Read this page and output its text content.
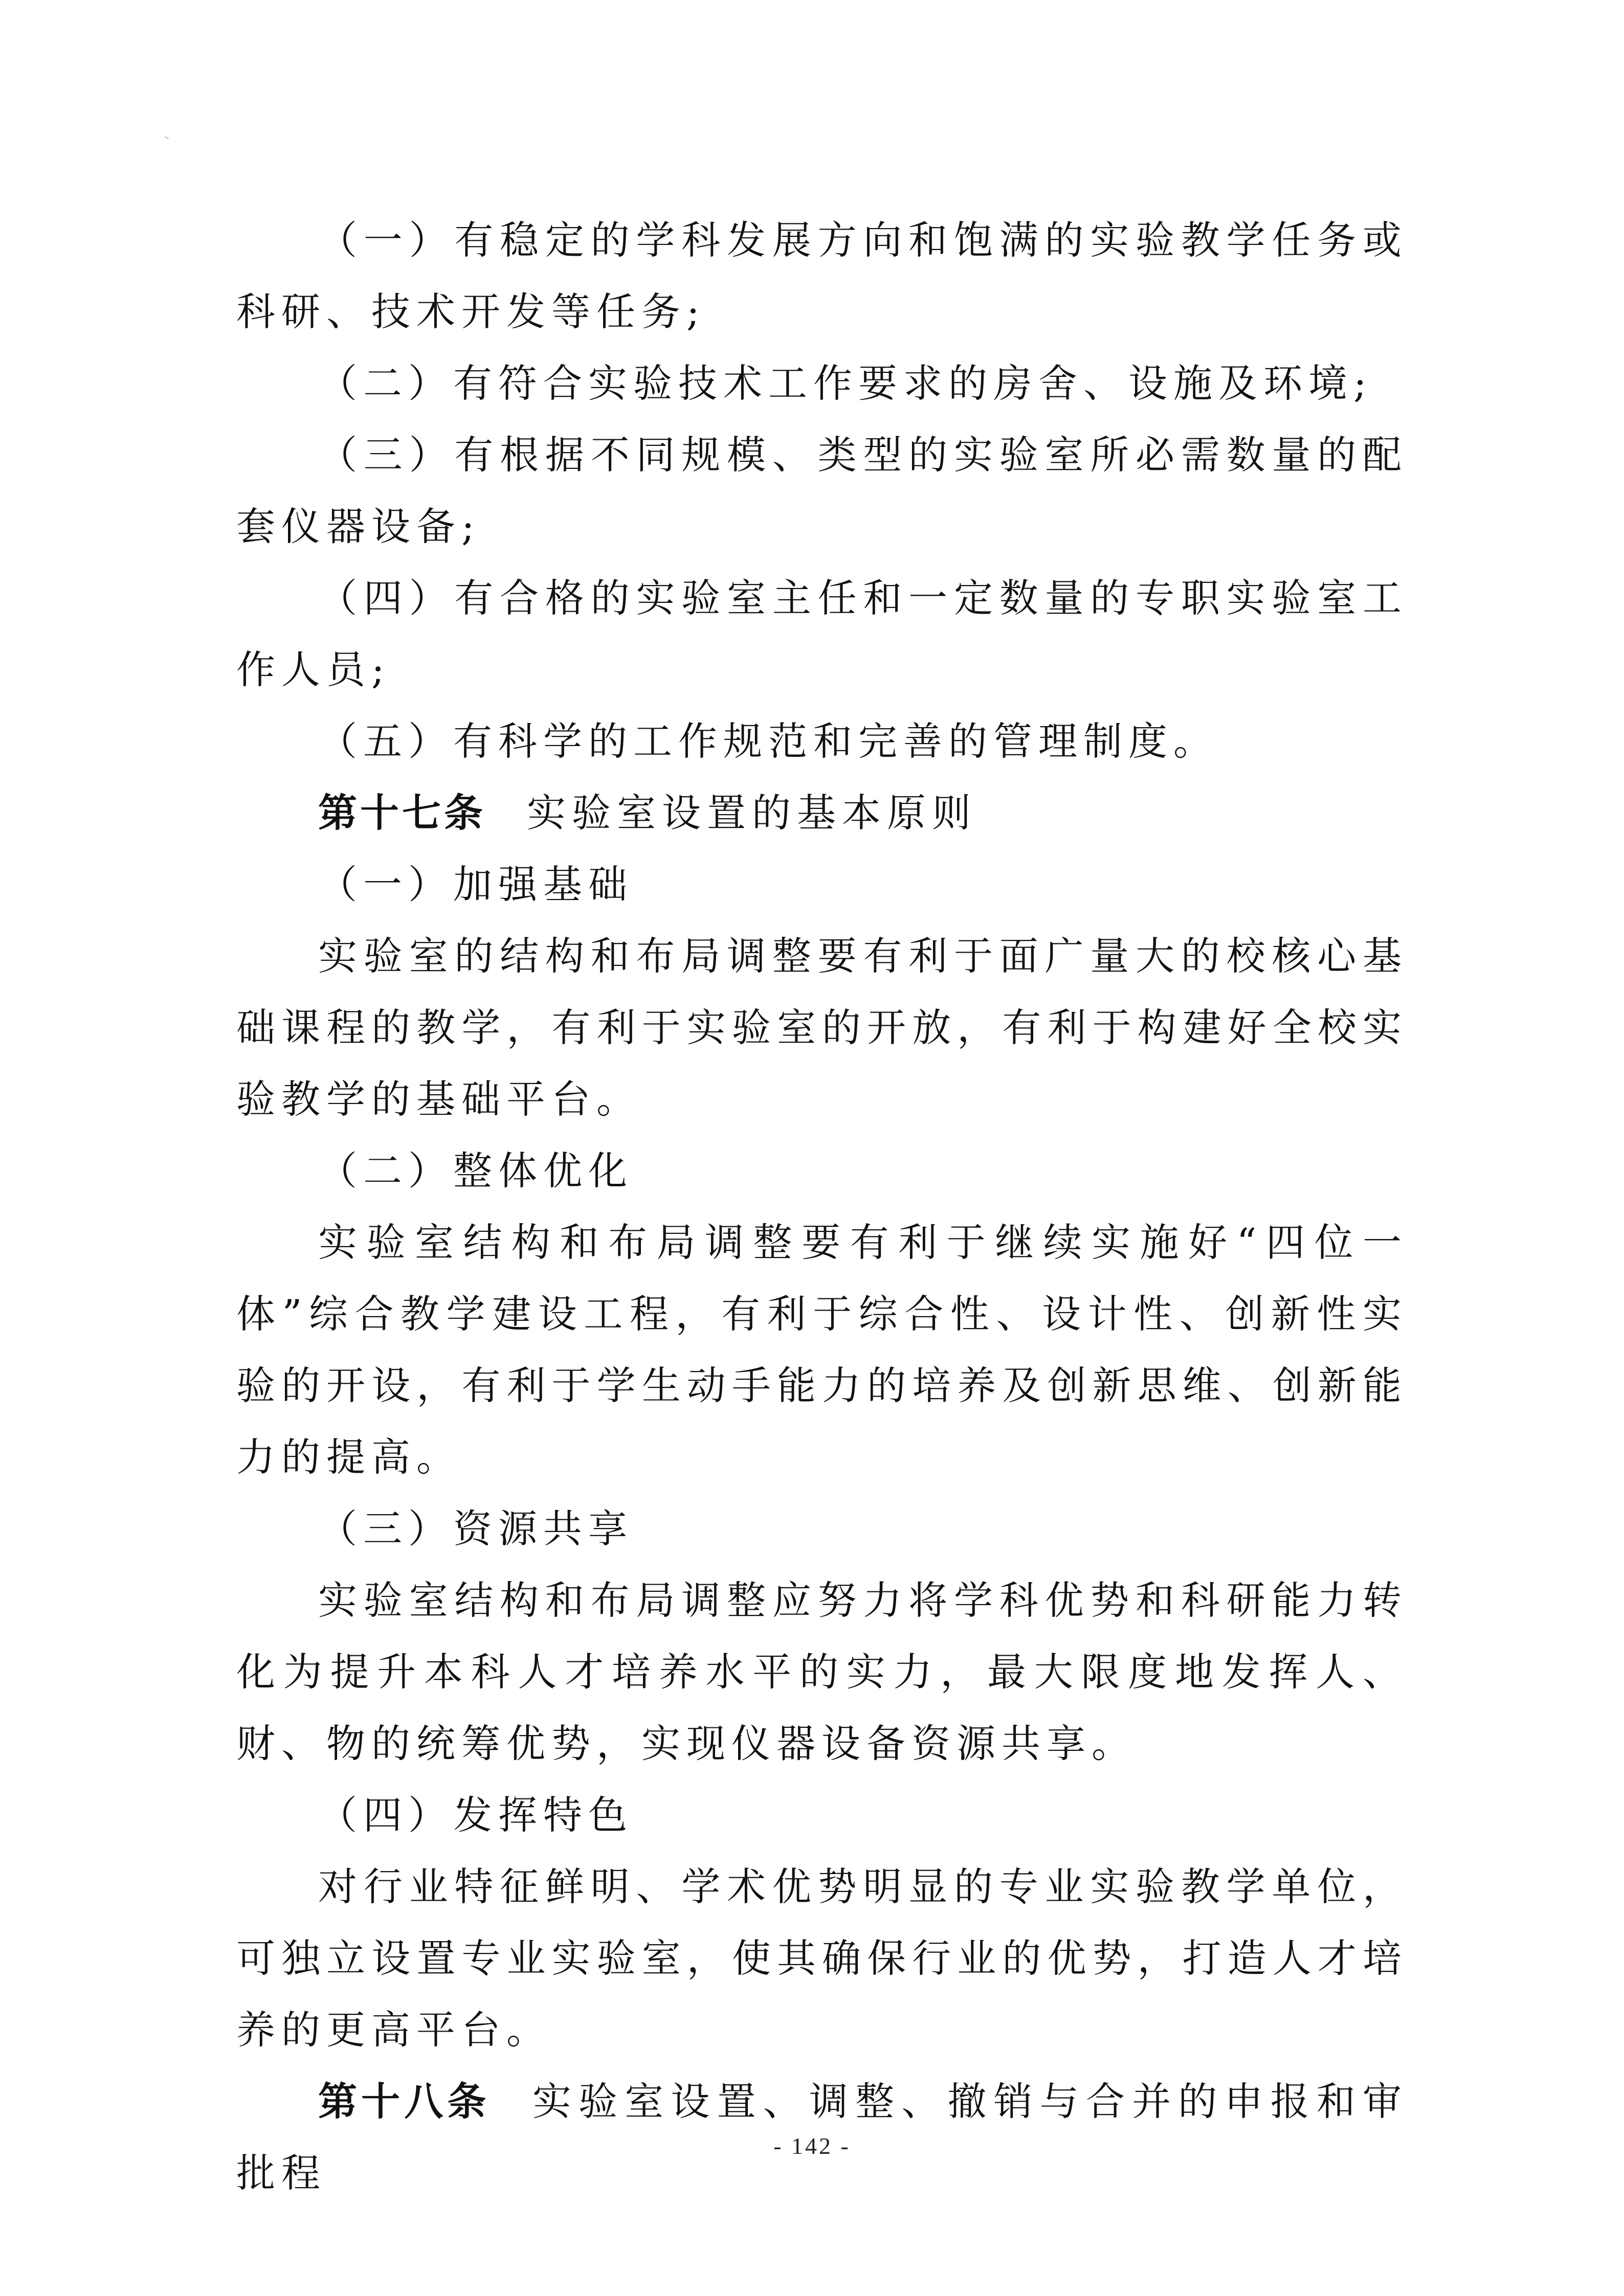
（一）有稳定的学科发展方向和饱满的实验教学任务或科研、技术开发等任务;

（二）有符合实验技术工作要求的房舍、设施及环境;

（三）有根据不同规模、类型的实验室所必需数量的配套仪器设备;

（四）有合格的实验室主任和一定数量的专职实验室工作人员;

（五）有科学的工作规范和完善的管理制度。

第十七条 实验室设置的基本原则

（一）加强基础

实验室的结构和布局调整要有利于面广量大的校核心基础课程的教学，有利于实验室的开放，有利于构建好全校实验教学的基础平台。

（二）整体优化

实验室结构和布局调整要有利于继续实施好“四位一体”综合教学建设工程，有利于综合性、设计性、创新性实验的开设，有利于学生动手能力的培养及创新思维、创新能力的提高。

（三）资源共享

实验室结构和布局调整应努力将学科优势和科研能力转化为提升本科人才培养水平的实力，最大限度地发挥人、财、物的统筹优势，实现仪器设备资源共享。

（四）发挥特色

对行业特征鲜明、学术优势明显的专业实验教学单位，可独立设置专业实验室，使其确保行业的优势，打造人才培养的更高平台。

第十八条 实验室设置、调整、撤销与合并的申报和审批程

- 142 -
